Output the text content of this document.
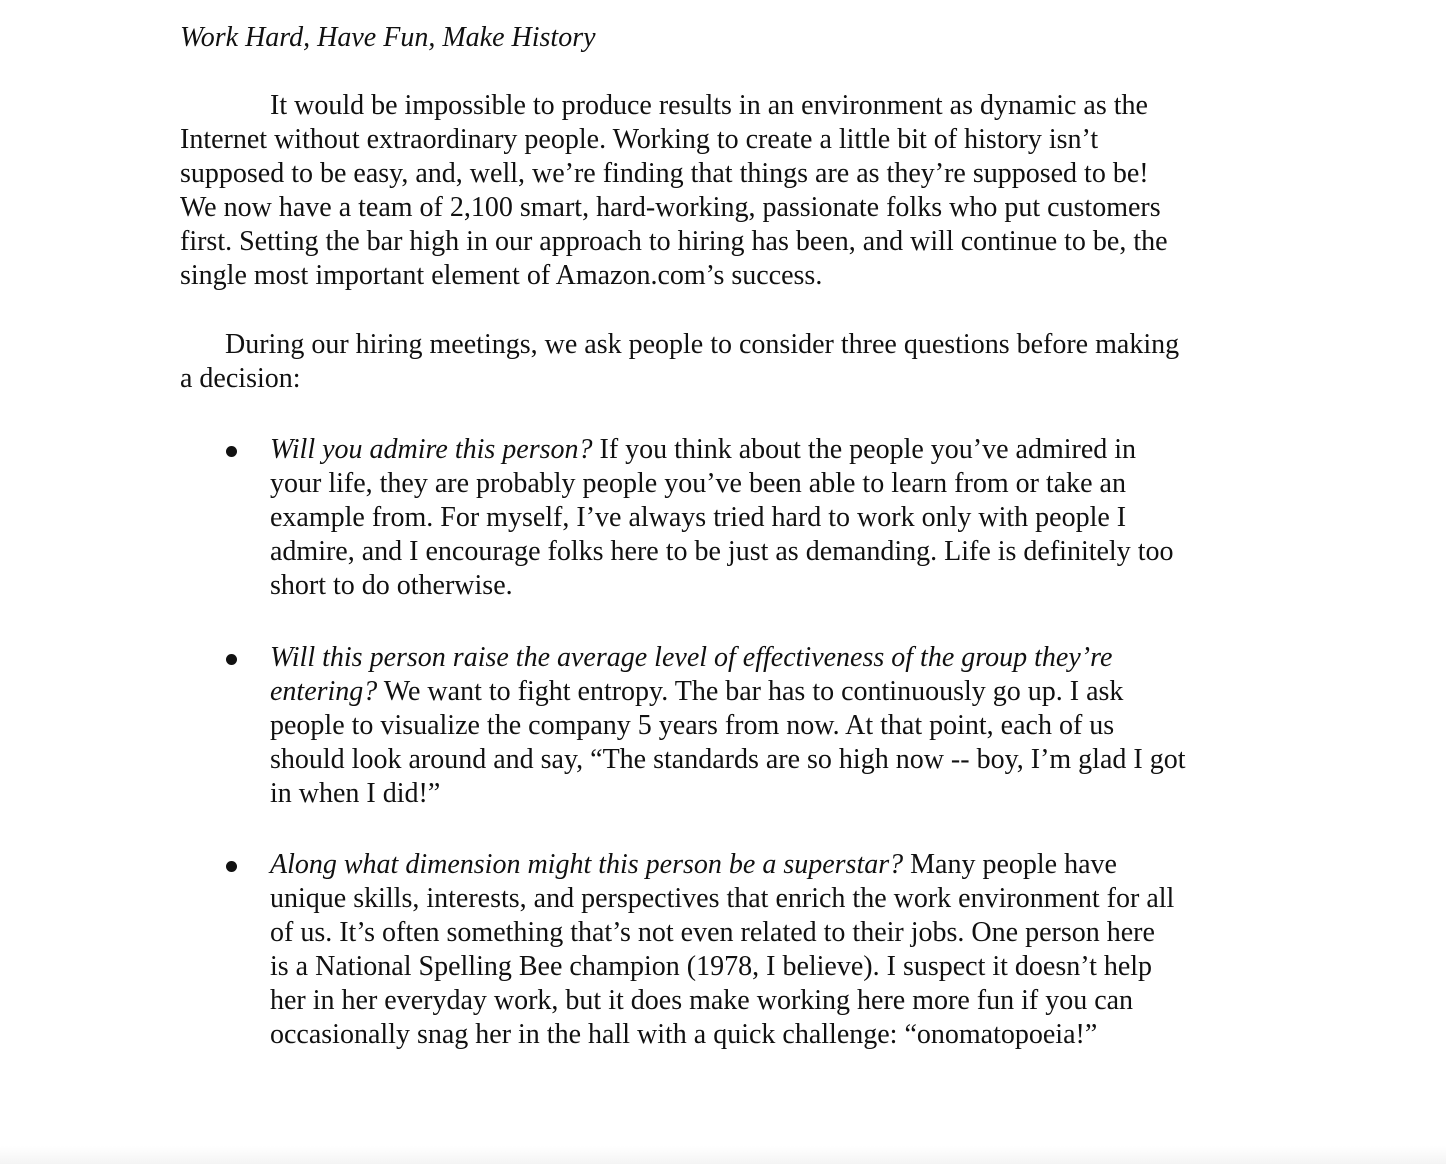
Work Hard, Have Fun, Make History

It would be impossible to produce results in an environment as dynamic as the
Internet without extraordinary people. Working to create a little bit of history isn’t
supposed to be easy, and, well, we’re finding that things are as they’re supposed to be!
We now have a team of 2,100 smart, hard-working, passionate folks who put customers
first. Setting the bar high in our approach to hiring has been, and will continue to be, the
single most important element of Amazon.com’s success.

During our hiring meetings, we ask people to consider three questions before making
a decision:

Will you admire this person? If you think about the people you’ve admired in
your life, they are probably people you’ve been able to learn from or take an
example from. For myself, I’ve always tried hard to work only with people I
admire, and I encourage folks here to be just as demanding. Life is definitely too
short to do otherwise.
Will this person raise the average level of effectiveness of the group they’re
entering? We want to fight entropy. The bar has to continuously go up. I ask
people to visualize the company 5 years from now. At that point, each of us
should look around and say, “The standards are so high now -- boy, I’m glad I got
in when I did!”
Along what dimension might this person be a superstar? Many people have
unique skills, interests, and perspectives that enrich the work environment for all
of us. It’s often something that’s not even related to their jobs. One person here
is a National Spelling Bee champion (1978, I believe). I suspect it doesn’t help
her in her everyday work, but it does make working here more fun if you can
occasionally snag her in the hall with a quick challenge: “onomatopoeia!”
